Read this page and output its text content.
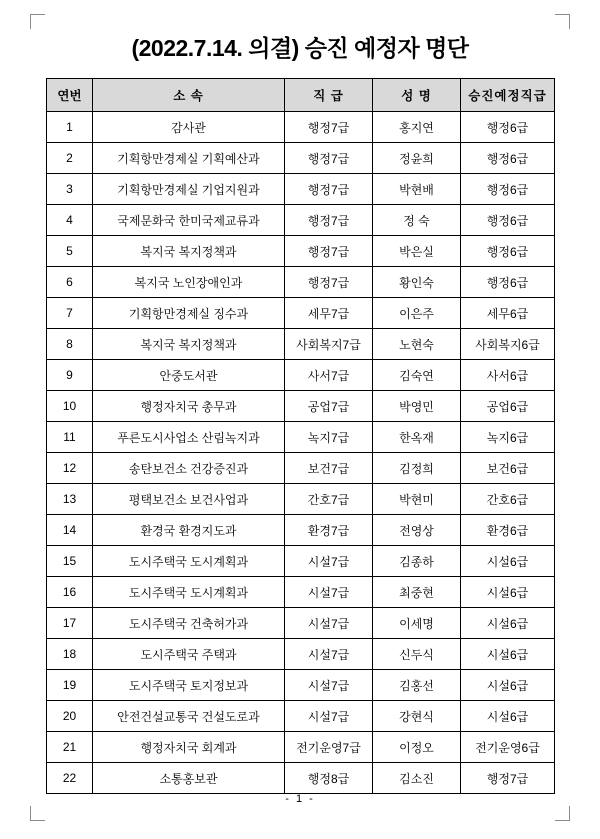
(2022.7.14. 의결) 승진 예정자 명단
연번	소 속	직 급	성 명	승진예정직급
1	감사관	행정7급	홍지연	행정6급
2	기획항만경제실 기획예산과	행정7급	정윤희	행정6급
3	기획항만경제실 기업지원과	행정7급	박현배	행정6급
4	국제문화국 한미국제교류과	행정7급	정 숙	행정6급
5	복지국 복지정책과	행정7급	박은실	행정6급
6	복지국 노인장애인과	행정7급	황인숙	행정6급
7	기획항만경제실 징수과	세무7급	이은주	세무6급
8	복지국 복지정책과	사회복지7급	노현숙	사회복지6급
9	안중도서관	사서7급	김숙연	사서6급
10	행정자치국 총무과	공업7급	박영민	공업6급
11	푸른도시사업소 산림녹지과	녹지7급	한옥재	녹지6급
12	송탄보건소 건강증진과	보건7급	김정희	보건6급
13	평택보건소 보건사업과	간호7급	박현미	간호6급
14	환경국 환경지도과	환경7급	전영상	환경6급
15	도시주택국 도시계획과	시설7급	김종하	시설6급
16	도시주택국 도시계획과	시설7급	최중현	시설6급
17	도시주택국 건축허가과	시설7급	이세명	시설6급
18	도시주택국 주택과	시설7급	신두식	시설6급
19	도시주택국 토지정보과	시설7급	김홍선	시설6급
20	안전건설교통국 건설도로과	시설7급	강현식	시설6급
21	행정자치국 회계과	전기운영7급	이정오	전기운영6급
22	소통홍보관	행정8급	김소진	행정7급
- 1 -
